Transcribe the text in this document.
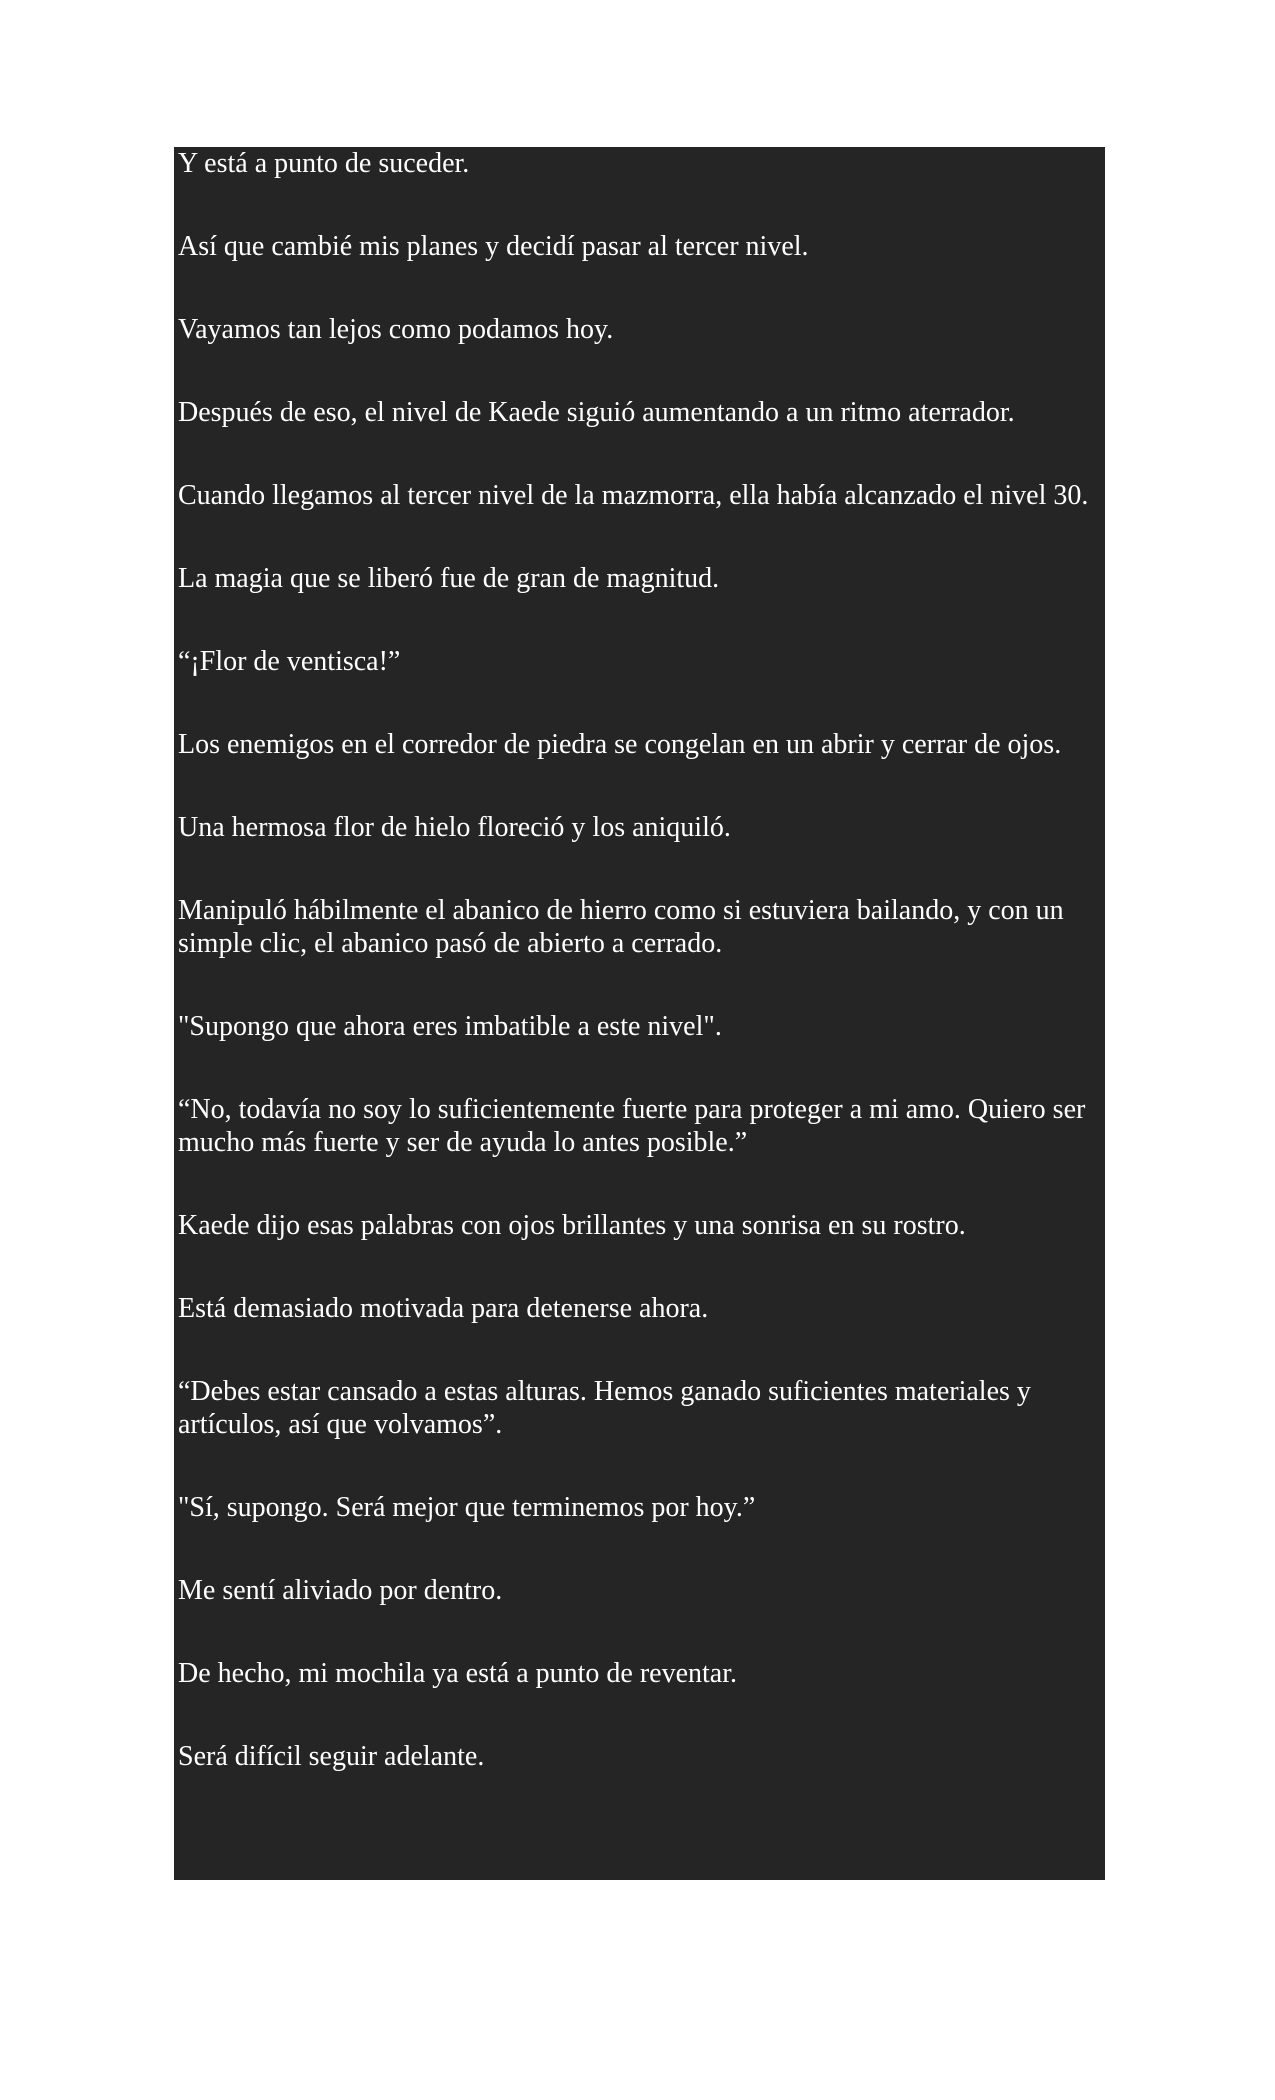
Y está a punto de suceder.

Así que cambié mis planes y decidí pasar al tercer nivel.

Vayamos tan lejos como podamos hoy.

Después de eso, el nivel de Kaede siguió aumentando a un ritmo aterrador.

Cuando llegamos al tercer nivel de la mazmorra, ella había alcanzado el nivel 30.

La magia que se liberó fue de gran de magnitud.

“¡Flor de ventisca!”

Los enemigos en el corredor de piedra se congelan en un abrir y cerrar de ojos.

Una hermosa flor de hielo floreció y los aniquiló.

Manipuló hábilmente el abanico de hierro como si estuviera bailando, y con un simple clic, el abanico pasó de abierto a cerrado.

"Supongo que ahora eres imbatible a este nivel".

“No, todavía no soy lo suficientemente fuerte para proteger a mi amo. Quiero ser mucho más fuerte y ser de ayuda lo antes posible.”

Kaede dijo esas palabras con ojos brillantes y una sonrisa en su rostro.

Está demasiado motivada para detenerse ahora.

“Debes estar cansado a estas alturas. Hemos ganado suficientes materiales y artículos, así que volvamos”.

"Sí, supongo. Será mejor que terminemos por hoy.”

Me sentí aliviado por dentro.

De hecho, mi mochila ya está a punto de reventar.

Será difícil seguir adelante.
